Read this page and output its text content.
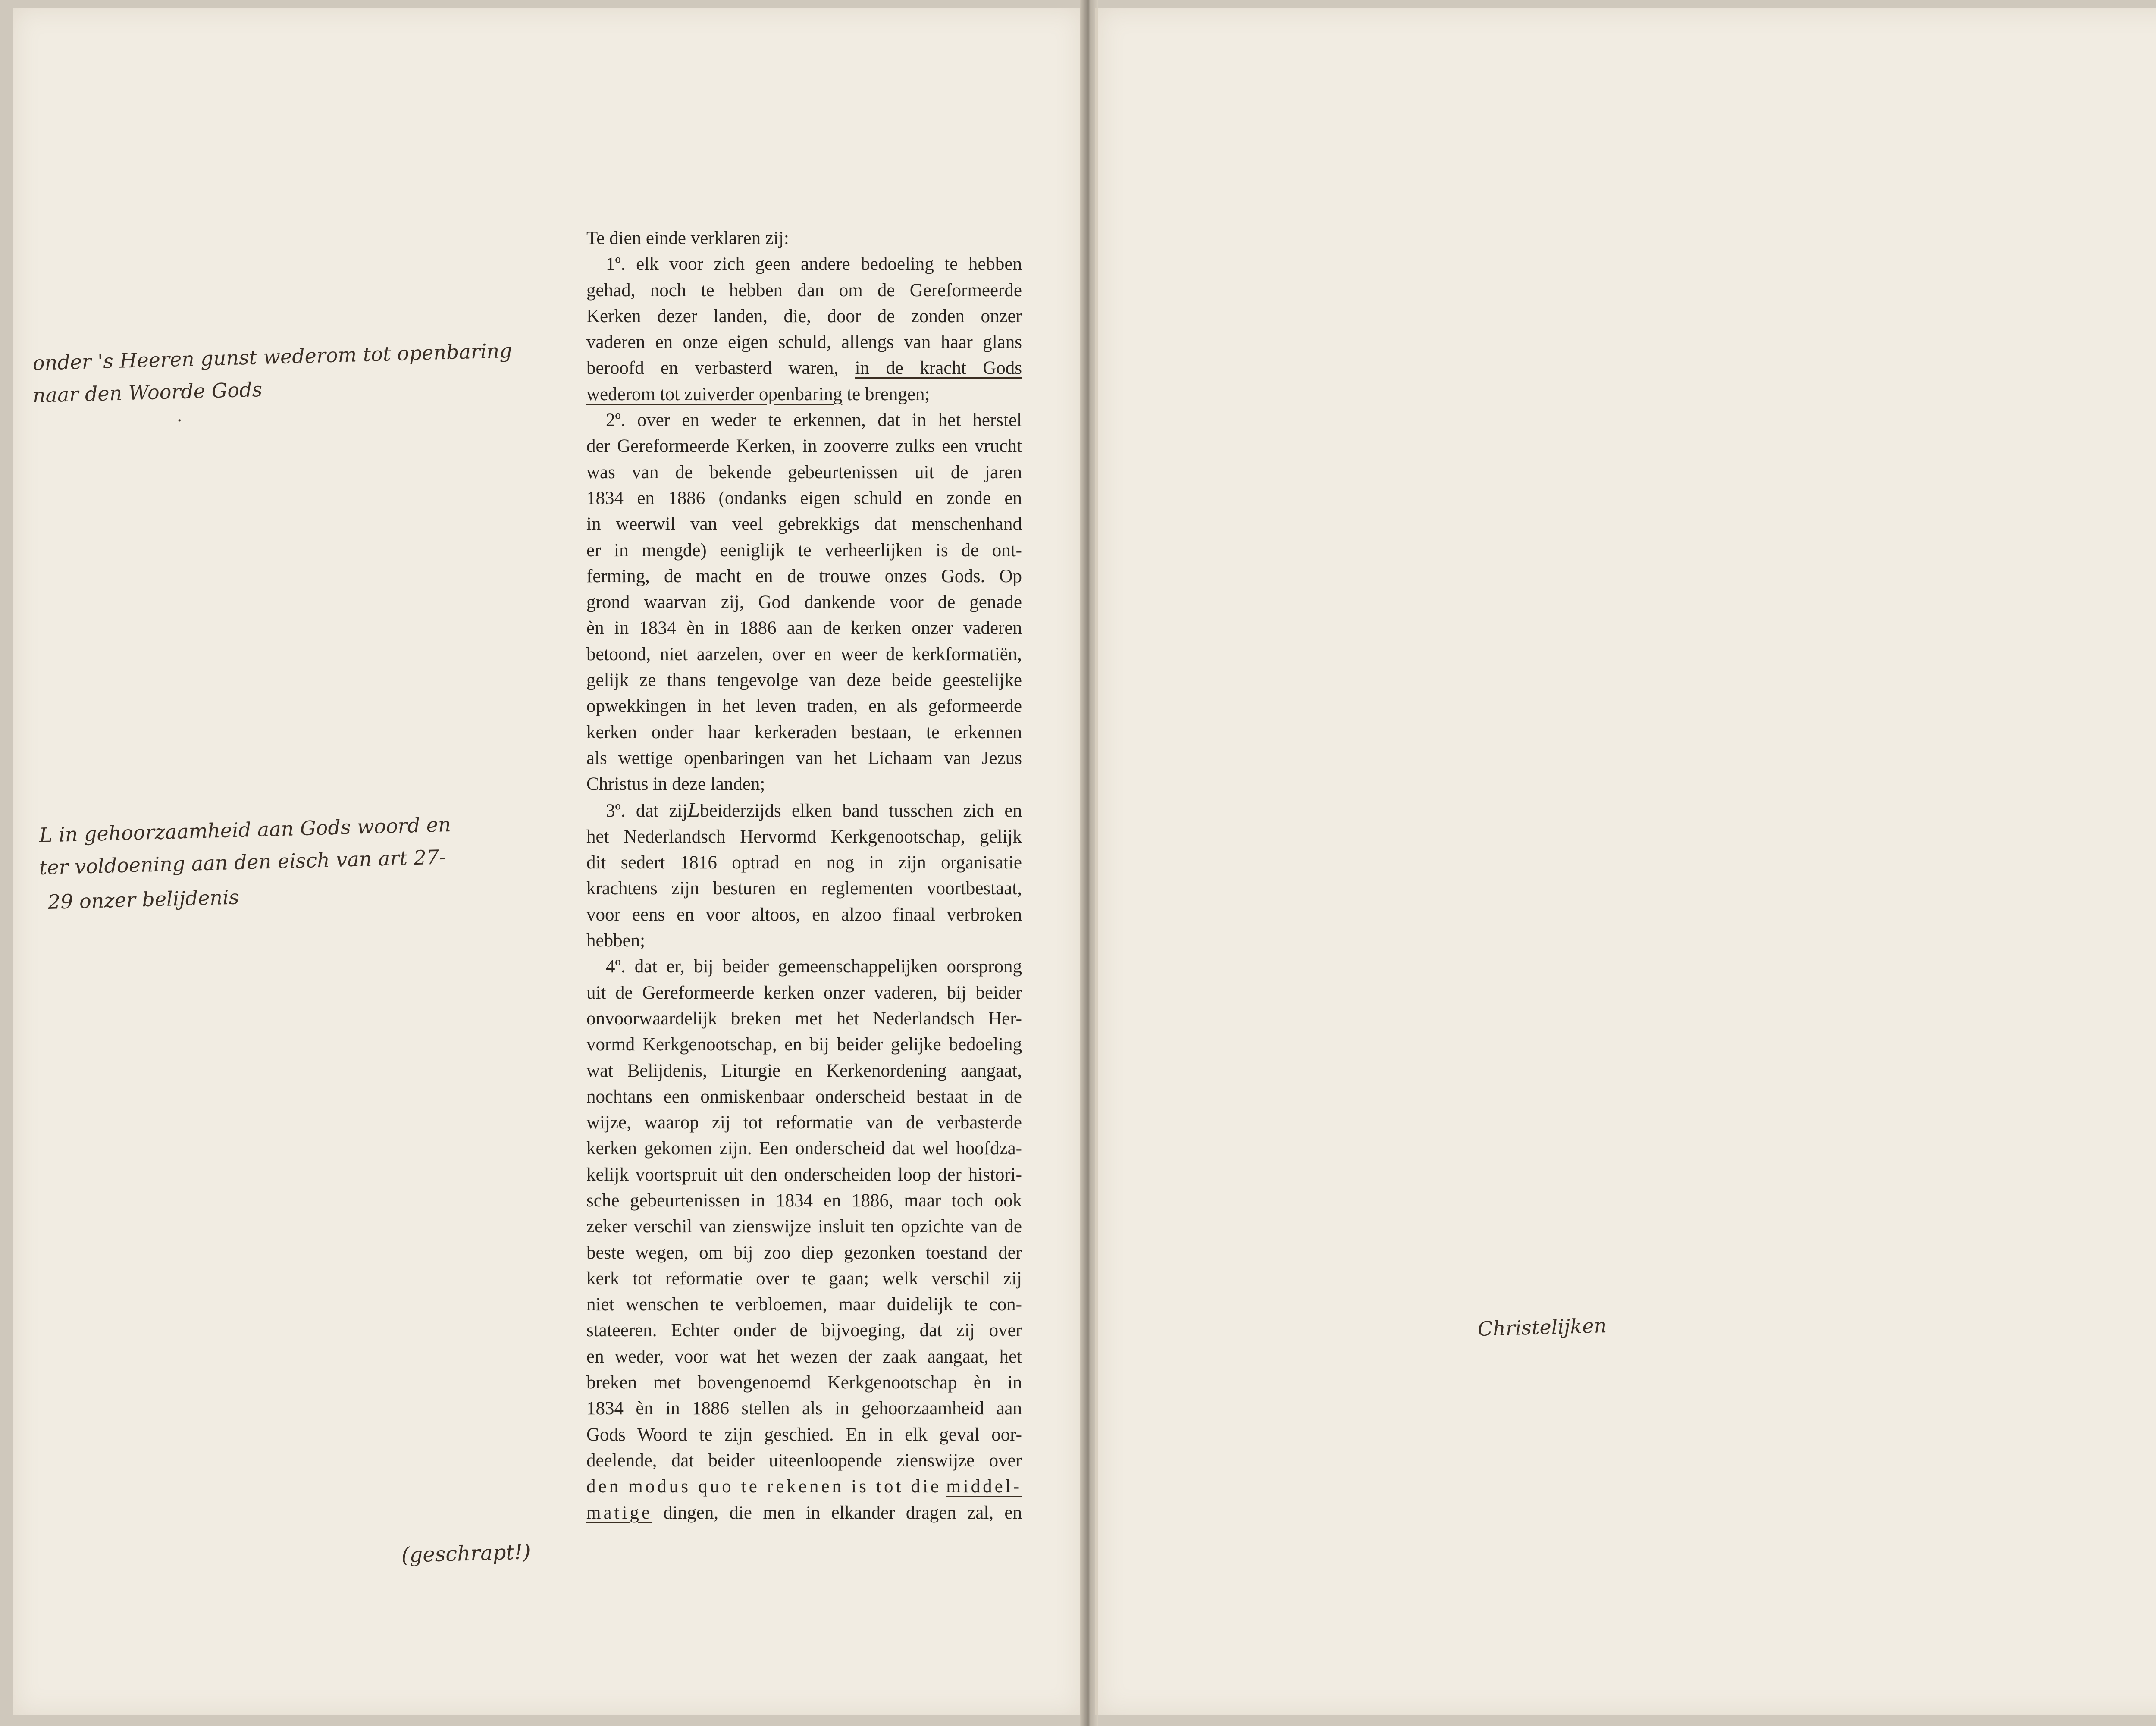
onder 's Heeren gunst wederom tot openbaring
naar den Woorde Gods
·
L in gehoorzaamheid aan Gods woord en
ter voldoening aan den eisch van art 27-
29 onzer belijdenis
(geschrapt!)
Te dien einde verklaren zij:
1º. elk voor zich geen andere bedoeling te hebben
gehad, noch te hebben dan om de Gereformeerde
Kerken dezer landen, die, door de zonden onzer
vaderen en onze eigen schuld, allengs van haar glans
beroofd en verbasterd waren, in de kracht Gods
wederom tot zuiverder openbaring te brengen;
2º. over en weder te erkennen, dat in het herstel
der Gereformeerde Kerken, in zooverre zulks een vrucht
was van de bekende gebeurtenissen uit de jaren
1834 en 1886 (ondanks eigen schuld en zonde en
in weerwil van veel gebrekkigs dat menschenhand
er in mengde) eeniglijk te verheerlijken is de ont-
ferming, de macht en de trouwe onzes Gods. Op
grond waarvan zij, God dankende voor de genade
èn in 1834 èn in 1886 aan de kerken onzer vaderen
betoond, niet aarzelen, over en weer de kerkformatiën,
gelijk ze thans tengevolge van deze beide geestelijke
opwekkingen in het leven traden, en als geformeerde
kerken onder haar kerkeraden bestaan, te erkennen
als wettige openbaringen van het Lichaam van Jezus
Christus in deze landen;
3º. dat zijLbeiderzijds elken band tusschen zich en
het Nederlandsch Hervormd Kerkgenootschap, gelijk
dit sedert 1816 optrad en nog in zijn organisatie
krachtens zijn besturen en reglementen voortbestaat,
voor eens en voor altoos, en alzoo finaal verbroken
hebben;
4º. dat er, bij beider gemeenschappelijken oorsprong
uit de Gereformeerde kerken onzer vaderen, bij beider
onvoorwaardelijk breken met het Nederlandsch Her-
vormd Kerkgenootschap, en bij beider gelijke bedoeling
wat Belijdenis, Liturgie en Kerkenordening aangaat,
nochtans een onmiskenbaar onderscheid bestaat in de
wijze, waarop zij tot reformatie van de verbasterde
kerken gekomen zijn. Een onderscheid dat wel hoofdza-
kelijk voortspruit uit den onderscheiden loop der histori-
sche gebeurtenissen in 1834 en 1886, maar toch ook
zeker verschil van zienswijze insluit ten opzichte van de
beste wegen, om bij zoo diep gezonken toestand der
kerk tot reformatie over te gaan; welk verschil zij
niet wenschen te verbloemen, maar duidelijk te con-
stateeren. Echter onder de bijvoeging, dat zij over
en weder, voor wat het wezen der zaak aangaat, het
breken met bovengenoemd Kerkgenootschap èn in
1834 èn in 1886 stellen als in gehoorzaamheid aan
Gods Woord te zijn geschied. En in elk geval oor-
deelende, dat beider uiteenloopende zienswijze over
den modus quo te rekenen is tot die middel-
matige dingen, die men in elkander dragen zal, en
Christelijken
